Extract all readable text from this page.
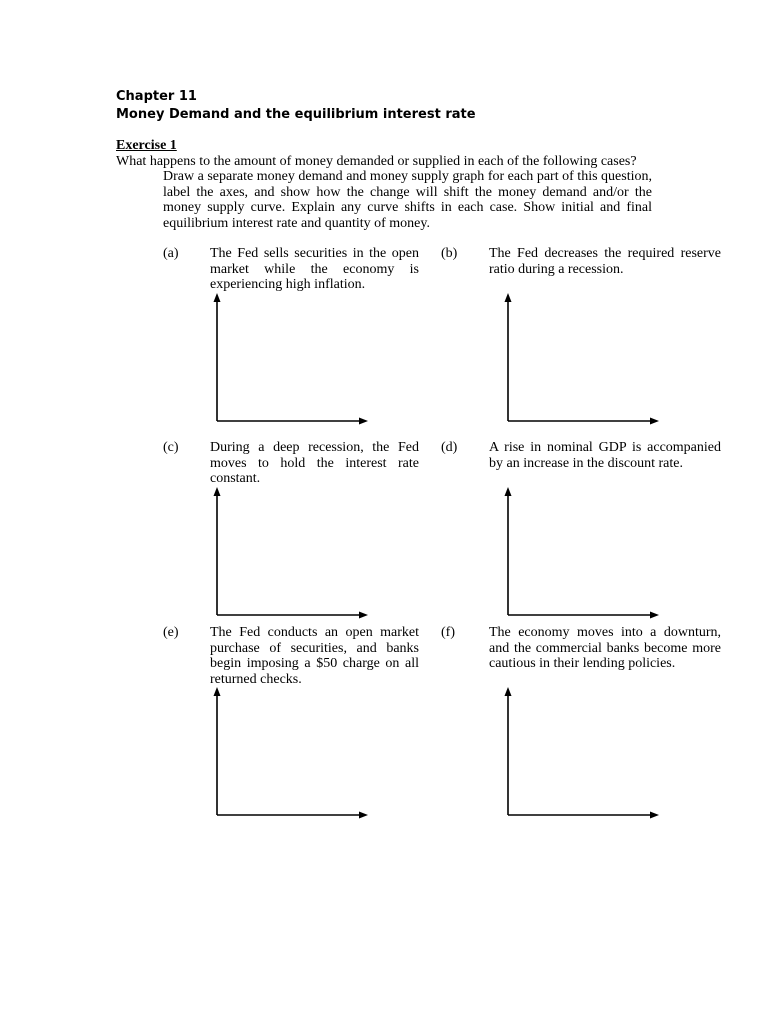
Chapter 11
Money Demand and the equilibrium interest rate
Exercise 1
What happens to the amount of money demanded or supplied in each of the following cases?
Draw a separate money demand and money supply graph for each part of this question, label the axes, and show how the change will shift the money demand and/or the money supply curve. Explain any curve shifts in each case. Show initial and final equilibrium interest rate and quantity of money.
(a) The Fed sells securities in the open market while the economy is experiencing high inflation.
(b) The Fed decreases the required reserve ratio during a recession.
(c) During a deep recession, the Fed moves to hold the interest rate constant.
(d) A rise in nominal GDP is accompanied by an increase in the discount rate.
(e) The Fed conducts an open market purchase of securities, and banks begin imposing a $50 charge on all returned checks.
(f) The economy moves into a downturn, and the commercial banks become more cautious in their lending policies.
